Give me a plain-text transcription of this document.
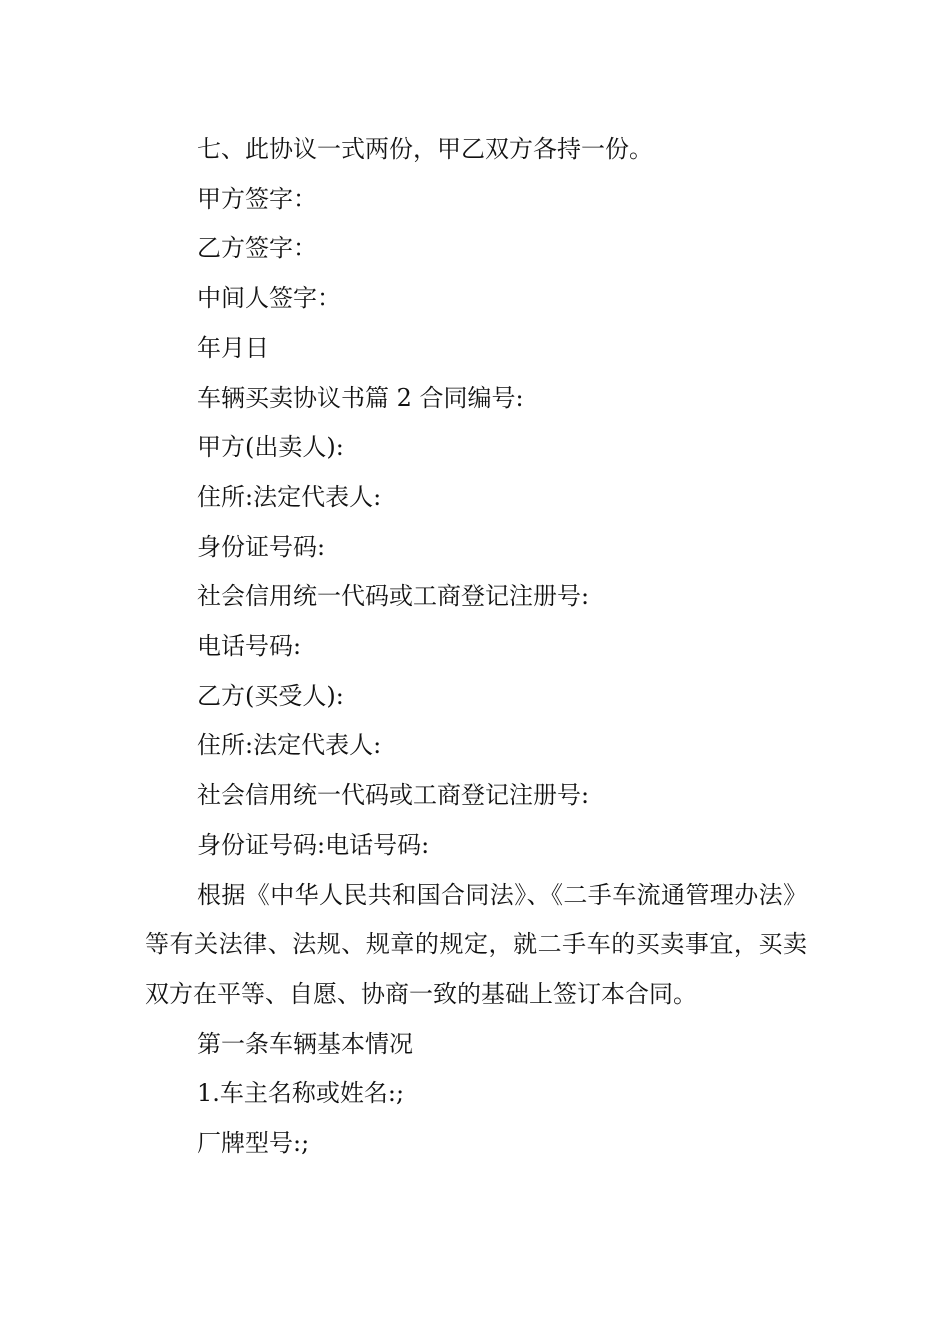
七、此协议一式两份，甲乙双方各持一份。

甲方签字：

乙方签字：

中间人签字：

年月日

车辆买卖协议书篇 2 合同编号:

甲方(出卖人):

住所:法定代表人:

身份证号码:

社会信用统一代码或工商登记注册号:

电话号码:

乙方(买受人):

住所:法定代表人:

社会信用统一代码或工商登记注册号:

身份证号码:电话号码:

根据《中华人民共和国合同法》、《二手车流通管理办法》等有关法律、法规、规章的规定，就二手车的买卖事宜，买卖双方在平等、自愿、协商一致的基础上签订本合同。

第一条车辆基本情况

1.车主名称或姓名:;

厂牌型号:;
